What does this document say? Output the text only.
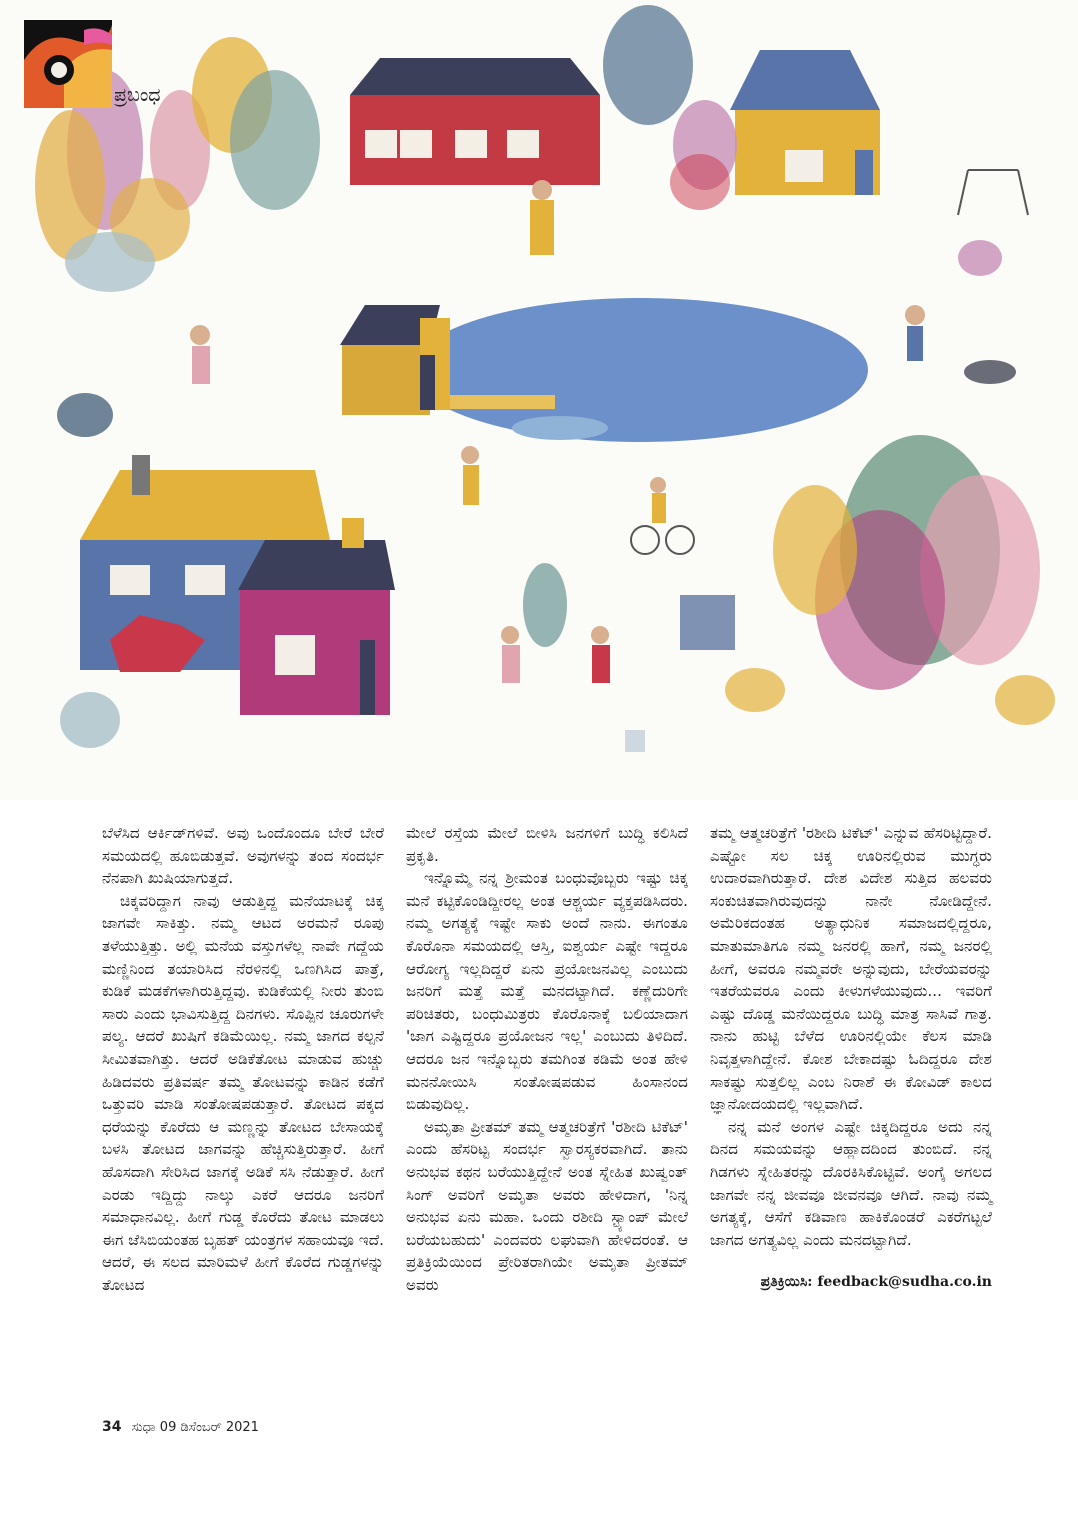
ಪ್ರಬಂಧ

ಬೆಳೆಸಿದ ಆರ್ಕಿಡ್‌ಗಳಿವೆ. ಅವು ಒಂದೊಂದೂ ಬೇರೆ ಬೇರೆ ಸಮಯದಲ್ಲಿ ಹೂಬಿಡುತ್ತವೆ. ಅವುಗಳನ್ನು ತಂದ ಸಂದರ್ಭ ನೆನಪಾಗಿ ಖುಷಿಯಾಗುತ್ತದೆ.

ಚಿಕ್ಕವರಿದ್ದಾಗ ನಾವು ಆಡುತ್ತಿದ್ದ ಮನೆಯಾಟಕ್ಕೆ ಚಿಕ್ಕ ಜಾಗವೇ ಸಾಕಿತ್ತು. ನಮ್ಮ ಆಟದ ಅರಮನೆ ರೂಪು ತಳೆಯುತ್ತಿತ್ತು. ಅಲ್ಲಿ ಮನೆಯ ವಸ್ತುಗಳೆಲ್ಲ ನಾವೇ ಗದ್ದೆಯ ಮಣ್ಣಿನಿಂದ ತಯಾರಿಸಿದ ನೆರಳಿನಲ್ಲಿ ಒಣಗಿಸಿದ ಪಾತ್ರೆ, ಕುಡಿಕೆ ಮಡಕೆಗಳಾಗಿರುತ್ತಿದ್ದವು. ಕುಡಿಕೆಯಲ್ಲಿ ನೀರು ತುಂಬಿ ಸಾರು ಎಂದು ಭಾವಿಸುತ್ತಿದ್ದ ದಿನಗಳು. ಸೊಪ್ಪಿನ ಚೂರುಗಳೇ ಪಲ್ಯ. ಆದರೆ ಖುಷಿಗೆ ಕಡಿಮೆಯಿಲ್ಲ. ನಮ್ಮ ಜಾಗದ ಕಲ್ಪನೆ ಸೀಮಿತವಾಗಿತ್ತು. ಆದರೆ ಅಡಿಕೆತೋಟ ಮಾಡುವ ಹುಚ್ಚು ಹಿಡಿದವರು ಪ್ರತಿವರ್ಷ ತಮ್ಮ ತೋಟವನ್ನು ಕಾಡಿನ ಕಡೆಗೆ ಒತ್ತುವರಿ ಮಾಡಿ ಸಂತೋಷಪಡುತ್ತಾರೆ. ತೋಟದ ಪಕ್ಕದ ಧರೆಯನ್ನು ಕೊರೆದು ಆ ಮಣ್ಣನ್ನು ತೋಟದ ಬೇಸಾಯಕ್ಕೆ ಬಳಸಿ ತೋಟದ ಜಾಗವನ್ನು ಹೆಚ್ಚಿಸುತ್ತಿರುತ್ತಾರೆ. ಹೀಗೆ ಹೊಸದಾಗಿ ಸೇರಿಸಿದ ಜಾಗಕ್ಕೆ ಅಡಿಕೆ ಸಸಿ ನೆಡುತ್ತಾರೆ. ಹೀಗೆ ಎರಡು ಇದ್ದಿದ್ದು ನಾಲ್ಕು ಎಕರೆ ಆದರೂ ಜನರಿಗೆ ಸಮಾಧಾನವಿಲ್ಲ. ಹೀಗೆ ಗುಡ್ಡ ಕೊರೆದು ತೋಟ ಮಾಡಲು ಈಗ ಜೆಸಿಬಿಯಂತಹ ಬೃಹತ್ ಯಂತ್ರಗಳ ಸಹಾಯವೂ ಇದೆ. ಆದರೆ, ಈ ಸಲದ ಮಾರಿಮಳೆ ಹೀಗೆ ಕೊರೆದ ಗುಡ್ಡಗಳನ್ನು ತೋಟದ

ಮೇಲೆ ರಸ್ತೆಯ ಮೇಲೆ ಬೀಳಿಸಿ ಜನಗಳಿಗೆ ಬುದ್ಧಿ ಕಲಿಸಿದೆ ಪ್ರಕೃತಿ.

ಇನ್ನೊಮ್ಮೆ ನನ್ನ ಶ್ರೀಮಂತ ಬಂಧುವೊಬ್ಬರು ಇಷ್ಟು ಚಿಕ್ಕ ಮನೆ ಕಟ್ಟಿಕೊಂಡಿದ್ದೀರಲ್ಲ ಅಂತ ಆಶ್ಚರ್ಯ ವ್ಯಕ್ತಪಡಿಸಿದರು. ನಮ್ಮ ಅಗತ್ಯಕ್ಕೆ ಇಷ್ಟೇ ಸಾಕು ಅಂದೆ ನಾನು. ಈಗಂತೂ ಕೊರೊನಾ ಸಮಯದಲ್ಲಿ ಆಸ್ತಿ, ಐಶ್ವರ್ಯ ಎಷ್ಟೇ ಇದ್ದರೂ ಆರೋಗ್ಯ ಇಲ್ಲದಿದ್ದರೆ ಏನು ಪ್ರಯೋಜನವಿಲ್ಲ ಎಂಬುದು ಜನರಿಗೆ ಮತ್ತೆ ಮತ್ತೆ ಮನದಟ್ಟಾಗಿದೆ. ಕಣ್ಣೆದುರಿಗೇ ಪರಿಚಿತರು, ಬಂಧುಮಿತ್ರರು ಕೊರೊನಾಕ್ಕೆ ಬಲಿಯಾದಾಗ 'ಜಾಗ ಎಷ್ಟಿದ್ದರೂ ಪ್ರಯೋಜನ ಇಲ್ಲ' ಎಂಬುದು ತಿಳಿದಿದೆ. ಆದರೂ ಜನ ಇನ್ನೊಬ್ಬರು ತಮಗಿಂತ ಕಡಿಮೆ ಅಂತ ಹೇಳಿ ಮನನೋಯಿಸಿ ಸಂತೋಷಪಡುವ ಹಿಂಸಾನಂದ ಬಿಡುವುದಿಲ್ಲ.

ಅಮೃತಾ ಪ್ರೀತಮ್ ತಮ್ಮ ಆತ್ಮಚರಿತ್ರೆಗೆ 'ರಶೀದಿ ಟಿಕೆಟ್' ಎಂದು ಹೆಸರಿಟ್ಟ ಸಂದರ್ಭ ಸ್ವಾರಸ್ಯಕರವಾಗಿದೆ. ತಾನು ಅನುಭವ ಕಥನ ಬರೆಯುತ್ತಿದ್ದೇನೆ ಅಂತ ಸ್ನೇಹಿತ ಖುಷ್ವಂತ್ ಸಿಂಗ್ ಅವರಿಗೆ ಅಮೃತಾ ಅವರು ಹೇಳಿದಾಗ, 'ನಿನ್ನ ಅನುಭವ ಏನು ಮಹಾ. ಒಂದು ರಶೀದಿ ಸ್ಟ್ಯಾಂಪ್ ಮೇಲೆ ಬರೆಯಬಹುದು' ಎಂದವರು ಲಘುವಾಗಿ ಹೇಳಿದರಂತೆ. ಆ ಪ್ರತಿಕ್ರಿಯೆಯಿಂದ ಪ್ರೇರಿತರಾಗಿಯೇ ಅಮೃತಾ ಪ್ರೀತಮ್ ಅವರು

ತಮ್ಮ ಆತ್ಮಚರಿತ್ರೆಗೆ 'ರಶೀದಿ ಟಿಕೆಟ್' ಎನ್ನುವ ಹೆಸರಿಟ್ಟಿದ್ದಾರೆ. ಎಷ್ಟೋ ಸಲ ಚಿಕ್ಕ ಊರಿನಲ್ಲಿರುವ ಮುಗ್ಧರು ಉದಾರವಾಗಿರುತ್ತಾರೆ. ದೇಶ ವಿದೇಶ ಸುತ್ತಿದ ಹಲವರು ಸಂಕುಚಿತವಾಗಿರುವುದನ್ನು ನಾನೇ ನೋಡಿದ್ದೇನೆ. ಅಮೆರಿಕದಂತಹ ಅತ್ಯಾಧುನಿಕ ಸಮಾಜದಲ್ಲಿದ್ದರೂ, ಮಾತುಮಾತಿಗೂ ನಮ್ಮ ಜನರಲ್ಲಿ ಹಾಗೆ, ನಮ್ಮ ಜನರಲ್ಲಿ ಹೀಗೆ, ಅವರೂ ನಮ್ಮವರೇ ಅನ್ನುವುದು, ಬೇರೆಯವರನ್ನು ಇತರೆಯವರೂ ಎಂದು ಕೀಳುಗಳೆಯುವುದು... ಇವರಿಗೆ ಎಷ್ಟು ದೊಡ್ಡ ಮನೆಯಿದ್ದರೂ ಬುದ್ಧಿ ಮಾತ್ರ ಸಾಸಿವೆ ಗಾತ್ರ. ನಾನು ಹುಟ್ಟಿ ಬೆಳೆದ ಊರಿನಲ್ಲಿಯೇ ಕೆಲಸ ಮಾಡಿ ನಿವೃತ್ತಳಾಗಿದ್ದೇನೆ. ಕೋಶ ಬೇಕಾದಷ್ಟು ಓದಿದ್ದರೂ ದೇಶ ಸಾಕಷ್ಟು ಸುತ್ತಲಿಲ್ಲ ಎಂಬ ನಿರಾಶೆ ಈ ಕೋವಿಡ್ ಕಾಲದ ಜ್ಞಾನೋದಯದಲ್ಲಿ ಇಲ್ಲವಾಗಿದೆ.

ನನ್ನ ಮನೆ ಅಂಗಳ ಎಷ್ಟೇ ಚಿಕ್ಕದಿದ್ದರೂ ಅದು ನನ್ನ ದಿನದ ಸಮಯವನ್ನು ಆಹ್ಲಾದದಿಂದ ತುಂಬಿದೆ. ನನ್ನ ಗಿಡಗಳು ಸ್ನೇಹಿತರನ್ನು ದೊರಕಿಸಿಕೊಟ್ಟಿವೆ. ಅಂಗೈ ಅಗಲದ ಜಾಗವೇ ನನ್ನ ಜೀವವೂ ಜೀವನವೂ ಆಗಿದೆ. ನಾವು ನಮ್ಮ ಅಗತ್ಯಕ್ಕೆ, ಆಸೆಗೆ ಕಡಿವಾಣ ಹಾಕಿಕೊಂಡರೆ ಎಕರೆಗಟ್ಟಲೆ ಜಾಗದ ಅಗತ್ಯವಿಲ್ಲ ಎಂದು ಮನದಟ್ಟಾಗಿದೆ.

ಪ್ರತಿಕ್ರಿಯಿಸಿ: feedback@sudha.co.in
34 ಸುಧಾ 09 ಡಿಸೆಂಬರ್ 2021
